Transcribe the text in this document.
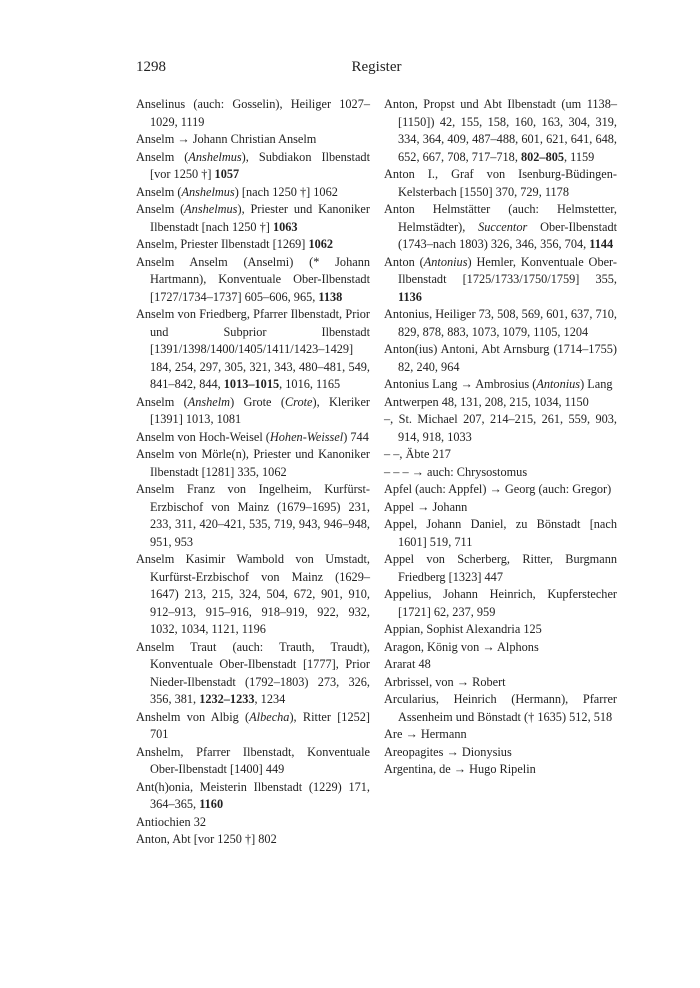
1298	Register
Anselinus (auch: Gosselin), Heiliger 1027–1029, 1119
Anselm → Johann Christian Anselm
Anselm (Anshelmus), Subdiakon Ilbenstadt [vor 1250 †] 1057
Anselm (Anshelmus) [nach 1250 †] 1062
Anselm (Anshelmus), Priester und Kanoniker Ilbenstadt [nach 1250 †] 1063
Anselm, Priester Ilbenstadt [1269] 1062
Anselm Anselm (Anselmi) (* Johann Hartmann), Konventuale Ober-Ilbenstadt [1727/1734–1737] 605–606, 965, 1138
Anselm von Friedberg, Pfarrer Ilbenstadt, Prior und Subprior Ilbenstadt [1391/1398/1400/1405/1411/1423–1429] 184, 254, 297, 305, 321, 343, 480–481, 549, 841–842, 844, 1013–1015, 1016, 1165
Anselm (Anshelm) Grote (Crote), Kleriker [1391] 1013, 1081
Anselm von Hoch-Weisel (Hohen-Weissel) 744
Anselm von Mörle(n), Priester und Kanoniker Ilbenstadt [1281] 335, 1062
Anselm Franz von Ingelheim, Kurfürst-Erzbischof von Mainz (1679–1695) 231, 233, 311, 420–421, 535, 719, 943, 946–948, 951, 953
Anselm Kasimir Wambold von Umstadt, Kurfürst-Erzbischof von Mainz (1629–1647) 213, 215, 324, 504, 672, 901, 910, 912–913, 915–916, 918–919, 922, 932, 1032, 1034, 1121, 1196
Anselm Traut (auch: Trauth, Traudt), Konventuale Ober-Ilbenstadt [1777], Prior Nieder-Ilbenstadt (1792–1803) 273, 326, 356, 381, 1232–1233, 1234
Anshelm von Albig (Albecha), Ritter [1252] 701
Anshelm, Pfarrer Ilbenstadt, Konventuale Ober-Ilbenstadt [1400] 449
Ant(h)onia, Meisterin Ilbenstadt (1229) 171, 364–365, 1160
Antiochien 32
Anton, Abt [vor 1250 †] 802
Anton, Propst und Abt Ilbenstadt (um 1138–[1150]) 42, 155, 158, 160, 163, 304, 319, 334, 364, 409, 487–488, 601, 621, 641, 648, 652, 667, 708, 717–718, 802–805, 1159
Anton I., Graf von Isenburg-Büdingen-Kelsterbach [1550] 370, 729, 1178
Anton Helmstätter (auch: Helmstetter, Helmstädter), Succentor Ober-Ilbenstadt (1743–nach 1803) 326, 346, 356, 704, 1144
Anton (Antonius) Hemler, Konventuale Ober-Ilbenstadt [1725/1733/1750/1759] 355, 1136
Antonius, Heiliger 73, 508, 569, 601, 637, 710, 829, 878, 883, 1073, 1079, 1105, 1204
Anton(ius) Antoni, Abt Arnsburg (1714–1755) 82, 240, 964
Antonius Lang → Ambrosius (Antonius) Lang
Antwerpen 48, 131, 208, 215, 1034, 1150
–, St. Michael 207, 214–215, 261, 559, 903, 914, 918, 1033
– –, Äbte 217
– – – → auch: Chrysostomus
Apfel (auch: Appfel) → Georg (auch: Gregor)
Appel → Johann
Appel, Johann Daniel, zu Bönstadt [nach 1601] 519, 711
Appel von Scherberg, Ritter, Burgmann Friedberg [1323] 447
Appelius, Johann Heinrich, Kupferstecher [1721] 62, 237, 959
Appian, Sophist Alexandria 125
Aragon, König von → Alphons
Ararat 48
Arbrissel, von → Robert
Arcularius, Heinrich (Hermann), Pfarrer Assenheim und Bönstadt († 1635) 512, 518
Are → Hermann
Areopagites → Dionysius
Argentina, de → Hugo Ripelin
